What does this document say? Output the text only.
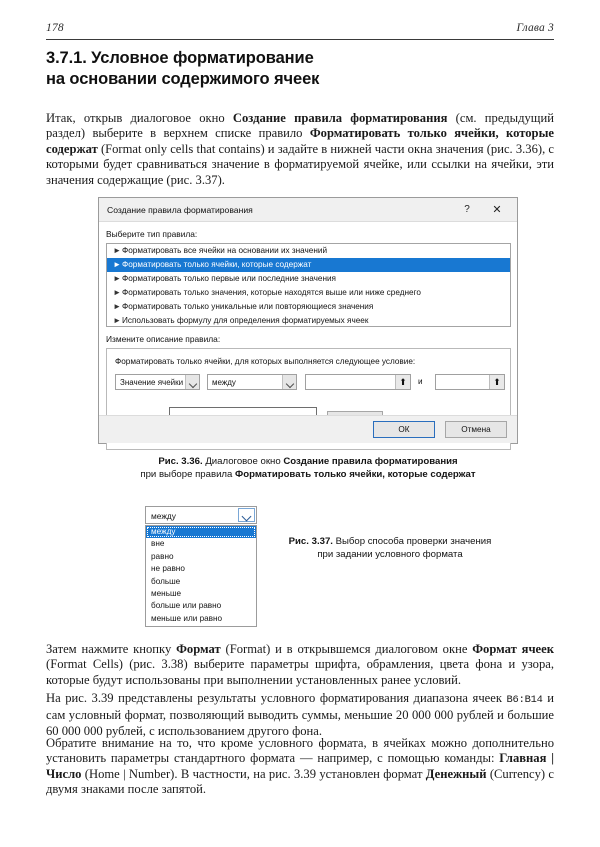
178	Глава 3
3.7.1. Условное форматирование
на основании содержимого ячеек

Итак, открыв диалоговое окно Создание правила форматирования (см. предыдущий раздел) выберите в верхнем списке правило Форматировать только ячейки, которые содержат (Format only cells that contains) и задайте в нижней части окна значения (рис. 3.36), с которыми будет сравниваться значение в форматируемой ячейке, или ссылки на ячейки, эти значения содержащие (рис. 3.37).

Создание правила форматирования	?	✕
Выберите тип правила:
►Форматировать все ячейки на основании их значений
►Форматировать только ячейки, которые содержат
►Форматировать только первые или последние значения
►Форматировать только значения, которые находятся выше или ниже среднего
►Форматировать только уникальные или повторяющиеся значения
►Использовать формулу для определения форматируемых ячеек
Измените описание правила:
Форматировать только ячейки, для которых выполняется следующее условие:
Значение ячейки	между	⬆	и	⬆
ОК	Отмена
Рис. 3.36. Диалоговое окно Создание правила форматирования
при выборе правила Форматировать только ячейки, которые содержат
между
между
вне
равно
не равно
больше
меньше
больше или равно
меньше или равно
Рис. 3.37. Выбор способа проверки значения
при задании условного формата

Затем нажмите кнопку Формат (Format) и в открывшемся диалоговом окне Формат ячеек (Format Cells) (рис. 3.38) выберите параметры шрифта, обрамления, цвета фона и узора, которые будут использованы при выполнении установленных ранее условий.

На рис. 3.39 представлены результаты условного форматирования диапазона ячеек B6:B14 и сам условный формат, позволяющий выводить суммы, меньшие 20 000 000 рублей и большие 60 000 000 рублей, с использованием другого фона.

Обратите внимание на то, что кроме условного формата, в ячейках можно дополнительно установить параметры стандартного формата — например, с помощью команды: Главная | Число (Home | Number). В частности, на рис. 3.39 установлен формат Денежный (Currency) с двумя знаками после запятой.
